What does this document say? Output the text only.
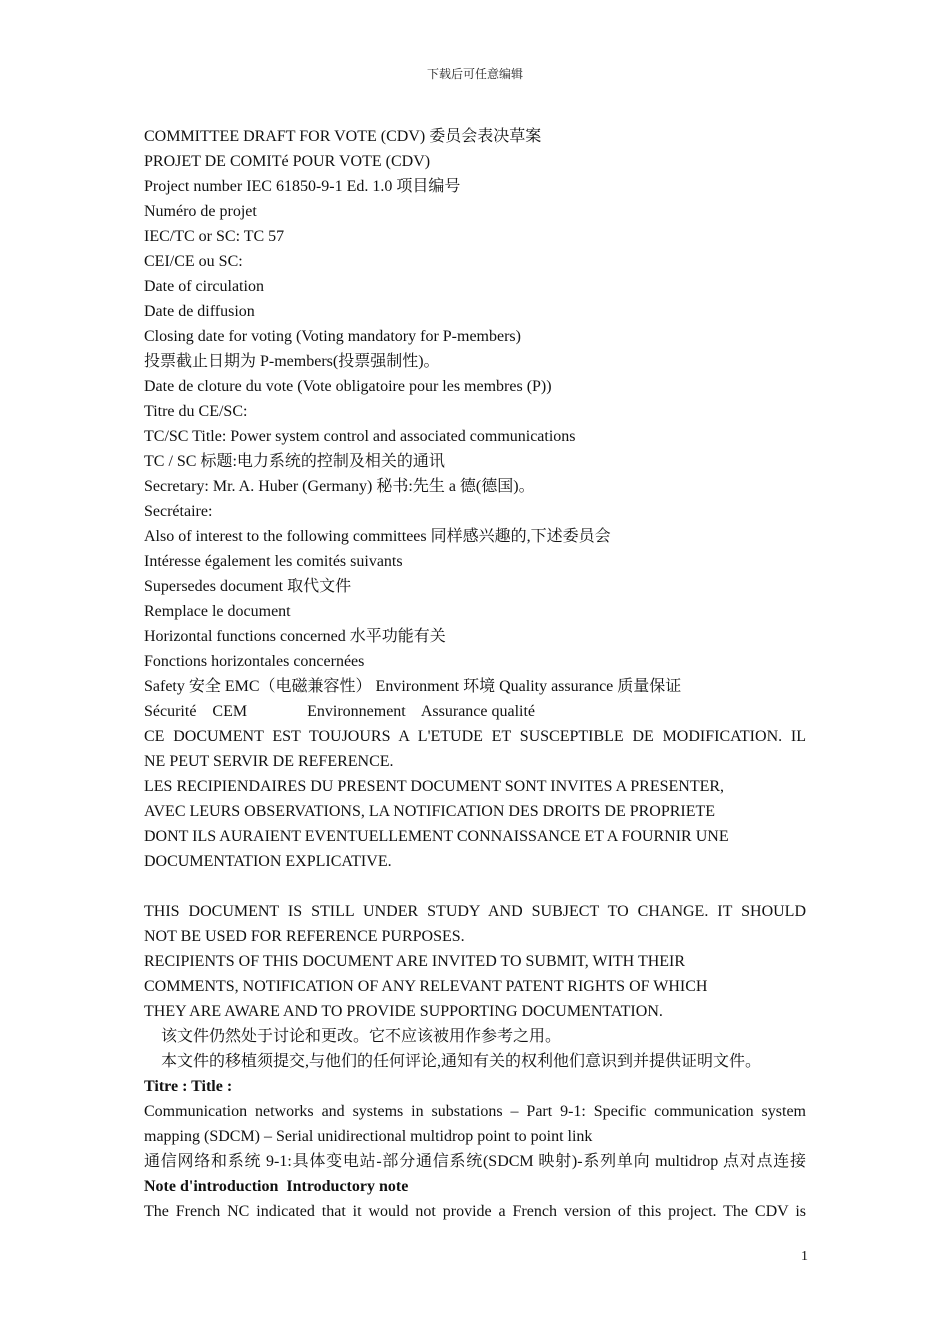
下载后可任意编辑
COMMITTEE DRAFT FOR VOTE (CDV) 委员会表决草案
PROJET DE COMITé POUR VOTE (CDV)
Project number IEC 61850-9-1 Ed. 1.0 项目编号
Numéro de projet
IEC/TC or SC: TC 57
CEI/CE ou SC:
Date of circulation
Date de diffusion
Closing date for voting (Voting mandatory for P-members)
投票截止日期为 P-members(投票强制性)。
Date de cloture du vote (Vote obligatoire pour les membres (P))
Titre du CE/SC:
TC/SC Title: Power system control and associated communications
TC / SC 标题:电力系统的控制及相关的通讯
Secretary: Mr. A. Huber (Germany) 秘书:先生 a 德(德国)。
Secrétaire:
Also of interest to the following committees 同样感兴趣的,下述委员会
Intéresse également les comités suivants
Supersedes document 取代文件
Remplace le document
Horizontal functions concerned 水平功能有关
Fonctions horizontales concernées
Safety 安全 EMC（电磁兼容性） Environment 环境 Quality assurance 质量保证
Sécurité    CEM               Environnement    Assurance qualité
CE DOCUMENT EST TOUJOURS A L'ETUDE ET SUSCEPTIBLE DE MODIFICATION. IL
NE PEUT SERVIR DE REFERENCE.
LES RECIPIENDAIRES DU PRESENT DOCUMENT SONT INVITES A PRESENTER,
AVEC LEURS OBSERVATIONS, LA NOTIFICATION DES DROITS DE PROPRIETE
DONT ILS AURAIENT EVENTUELLEMENT CONNAISSANCE ET A FOURNIR UNE
DOCUMENTATION EXPLICATIVE.
THIS DOCUMENT IS STILL UNDER STUDY AND SUBJECT TO CHANGE. IT SHOULD
NOT BE USED FOR REFERENCE PURPOSES.
RECIPIENTS OF THIS DOCUMENT ARE INVITED TO SUBMIT, WITH THEIR
COMMENTS, NOTIFICATION OF ANY RELEVANT PATENT RIGHTS OF WHICH
THEY ARE AWARE AND TO PROVIDE SUPPORTING DOCUMENTATION.
该文件仍然处于讨论和更改。它不应该被用作参考之用。
本文件的移植须提交,与他们的任何评论,通知有关的权利他们意识到并提供证明文件。
Titre : Title :
Communication networks and systems in substations – Part 9-1: Specific communication system
mapping (SDCM) – Serial unidirectional multidrop point to point link
通信网络和系统 9-1:具体变电站-部分通信系统(SDCM 映射)-系列单向 multidrop 点对点连接
Note d'introduction  Introductory note
The French NC indicated that it would not provide a French version of this project. The CDV is
1
